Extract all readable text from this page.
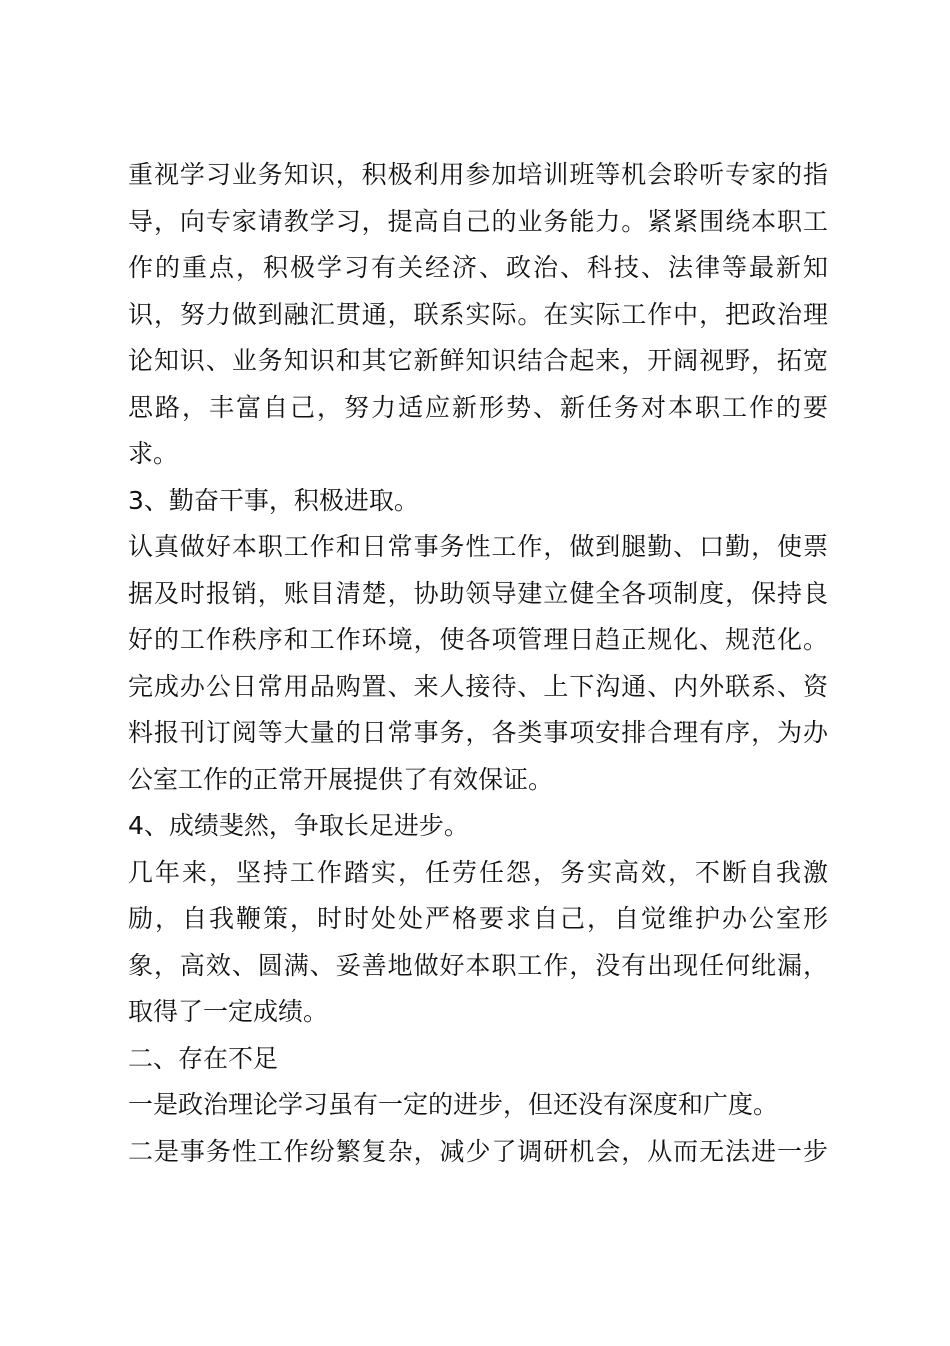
重视学习业务知识，积极利用参加培训班等机会聆听专家的指
导，向专家请教学习，提高自己的业务能力。紧紧围绕本职工
作的重点，积极学习有关经济、政治、科技、法律等最新知
识，努力做到融汇贯通，联系实际。在实际工作中，把政治理
论知识、业务知识和其它新鲜知识结合起来，开阔视野，拓宽
思路，丰富自己，努力适应新形势、新任务对本职工作的要
求。
3、勤奋干事，积极进取。
认真做好本职工作和日常事务性工作，做到腿勤、口勤，使票
据及时报销，账目清楚，协助领导建立健全各项制度，保持良
好的工作秩序和工作环境，使各项管理日趋正规化、规范化。
完成办公日常用品购置、来人接待、上下沟通、内外联系、资
料报刊订阅等大量的日常事务，各类事项安排合理有序，为办
公室工作的正常开展提供了有效保证。
4、成绩斐然，争取长足进步。
几年来，坚持工作踏实，任劳任怨，务实高效，不断自我激
励，自我鞭策，时时处处严格要求自己，自觉维护办公室形
象，高效、圆满、妥善地做好本职工作，没有出现任何纰漏，
取得了一定成绩。
二、存在不足
一是政治理论学习虽有一定的进步，但还没有深度和广度。
二是事务性工作纷繁复杂，减少了调研机会，从而无法进一步
